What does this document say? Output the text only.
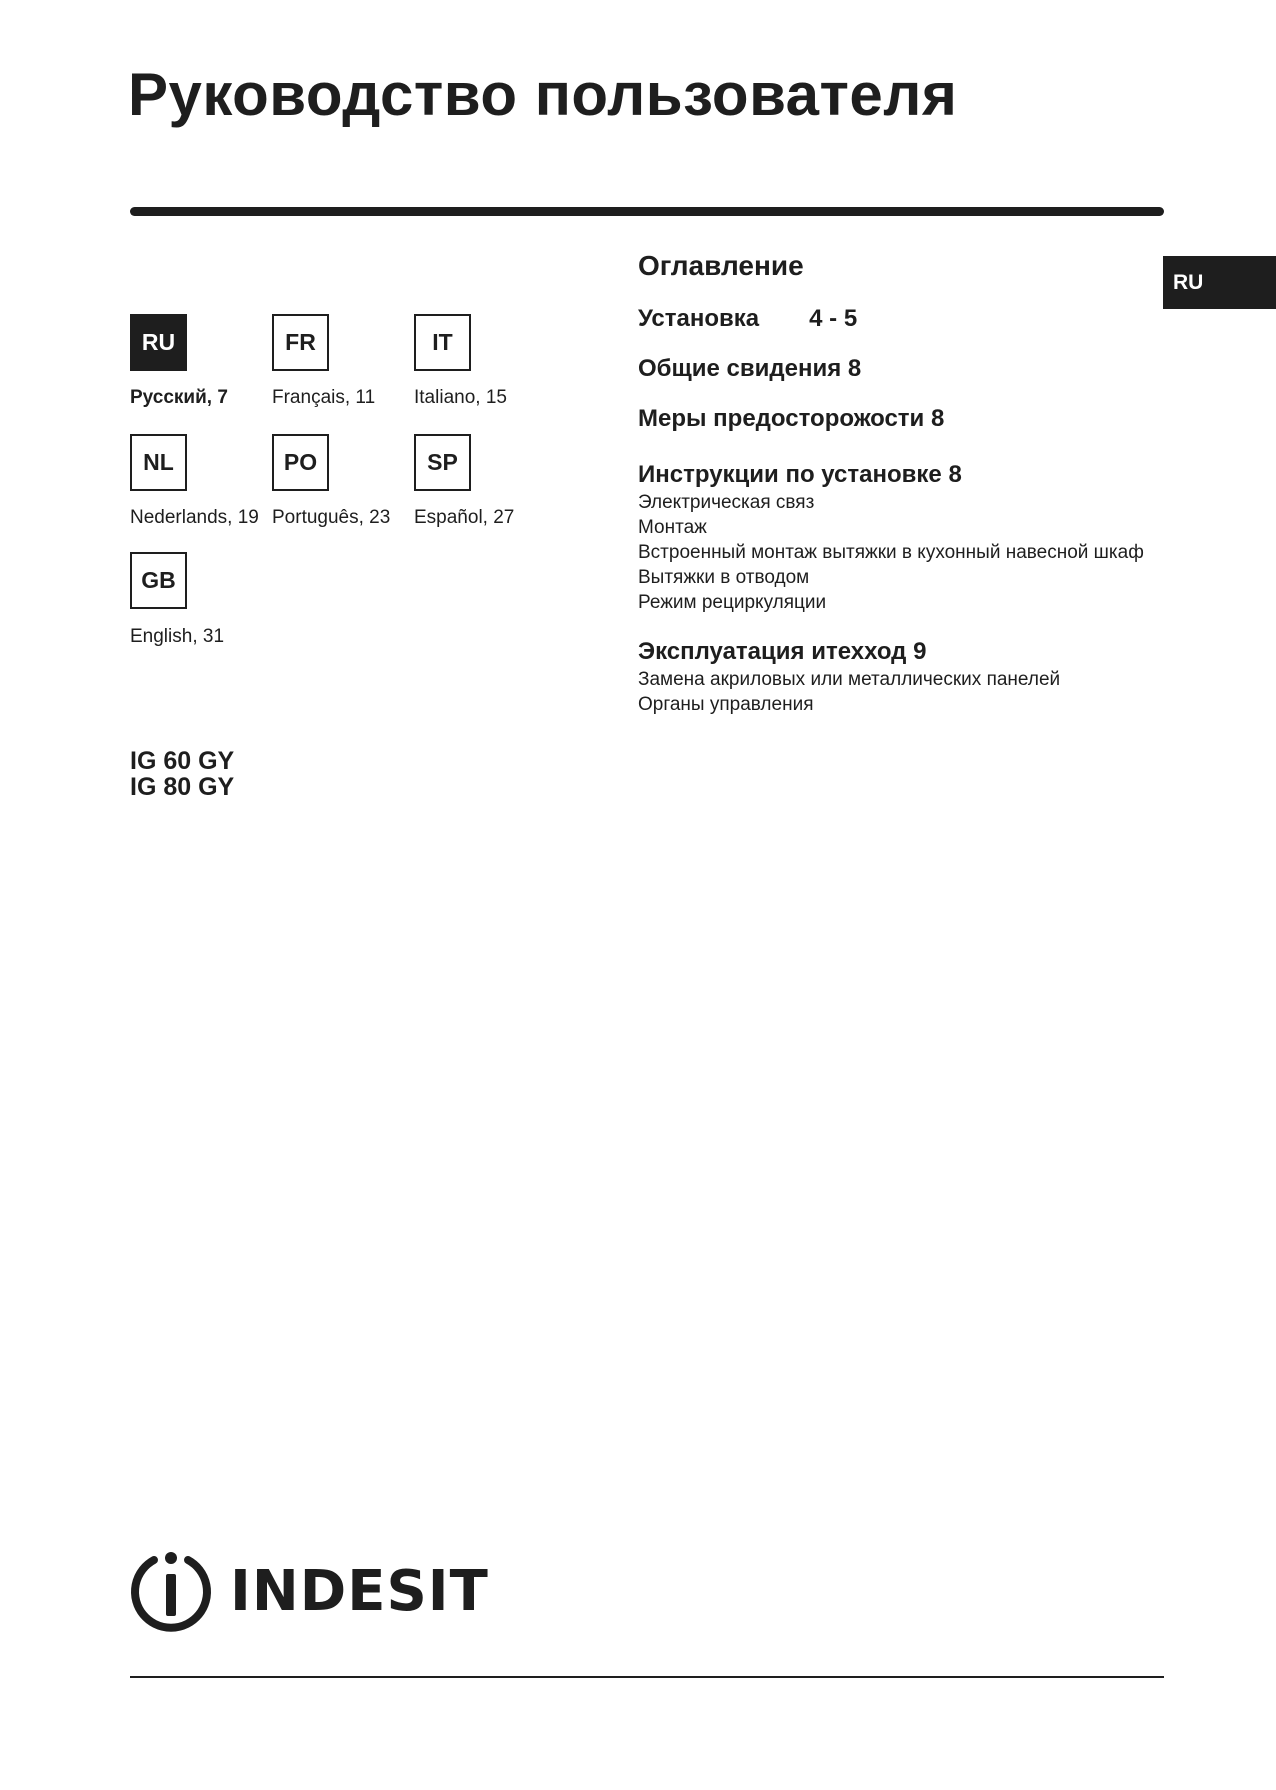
Руководство пользователя
RU
RU
Русский, 7
FR
Français, 11
IT
Italiano, 15
NL
Nederlands, 19
PO
Português, 23
SP
Español, 27
GB
English, 31
IG 60 GY
IG 80 GY
Оглавление
Установка 4 - 5
Общие свидения 8
Меры предосторожости 8
Инструкции по установке 8
Электрическая связ
Монтаж
Встроенный монтаж вытяжки в кухонный навесной шкаф
Вытяжки в отводом
Режим рециркуляции
Эксплуатация итехход 9
Замена акриловых или металлических панелей
Органы управления
INDESIT
